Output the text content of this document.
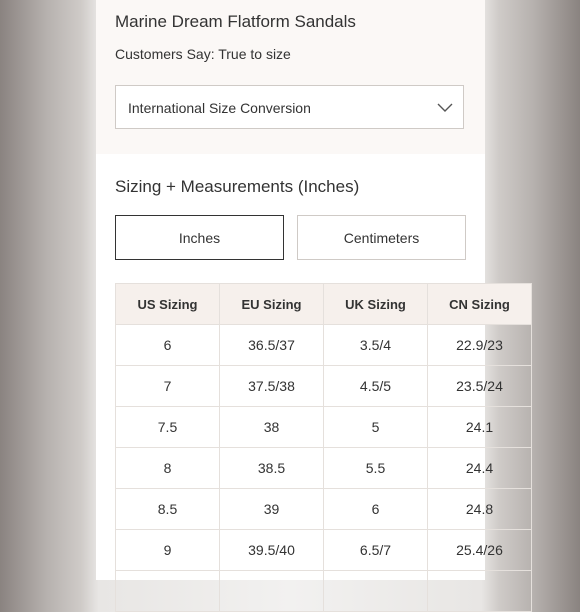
Marine Dream Flatform Sandals
Customers Say: True to size
International Size Conversion
Sizing + Measurements (Inches)
Inches	Centimeters
US Sizing	EU Sizing	UK Sizing	CN Sizing
6	36.5/37	3.5/4	22.9/23
7	37.5/38	4.5/5	23.5/24
7.5	38	5	24.1
8	38.5	5.5	24.4
8.5	39	6	24.8
9	39.5/40	6.5/7	25.4/26
